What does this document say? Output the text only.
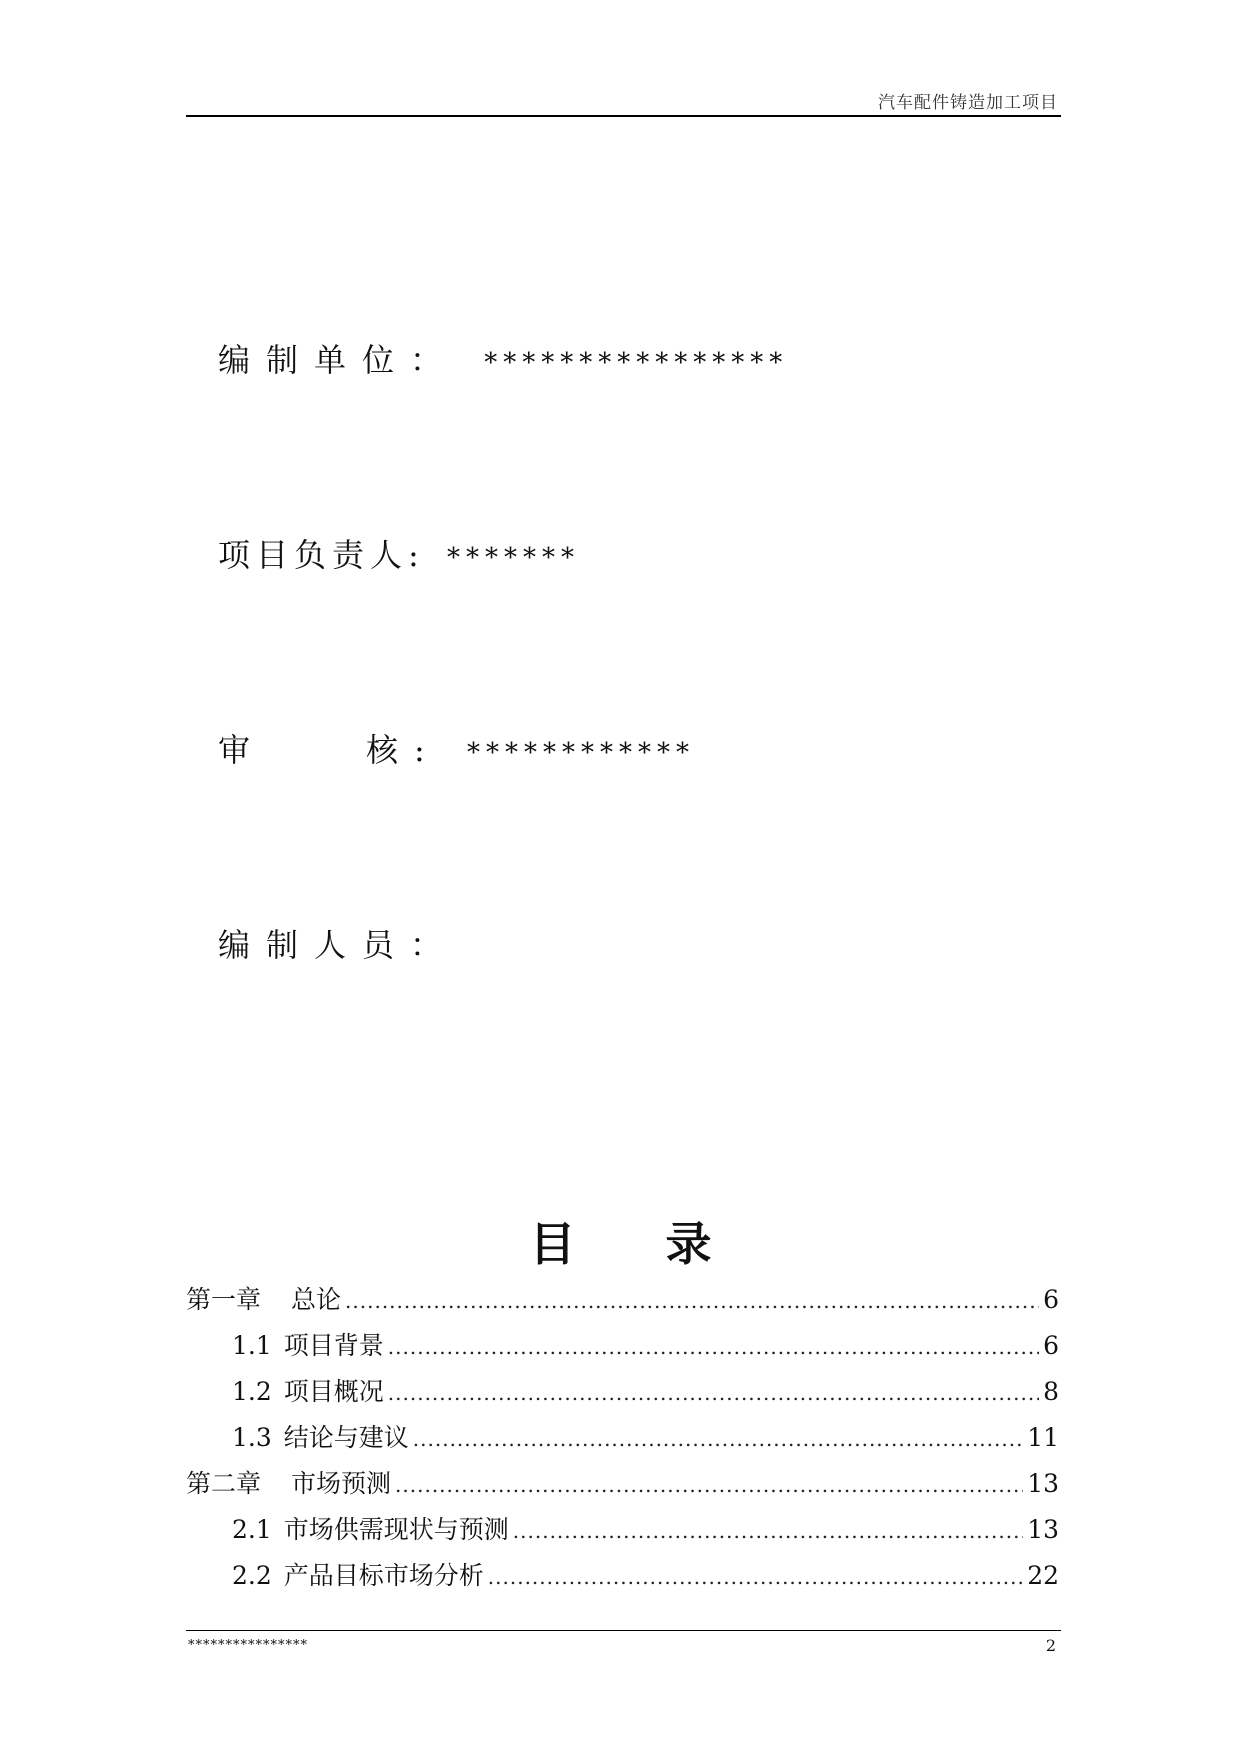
汽车配件铸造加工项目
编制单位： ****************
项目负责人: *******
审	核: ************
编制人员：
目录
第一章 总论 .....	6
1.1 项目背景 .....	6
1.2 项目概况 .....	8
1.3 结论与建议 .....	11
第二章 市场预测 .....	13
2.1 市场供需现状与预测 .....	13
2.2 产品目标市场分析 .....	22
****************	2
